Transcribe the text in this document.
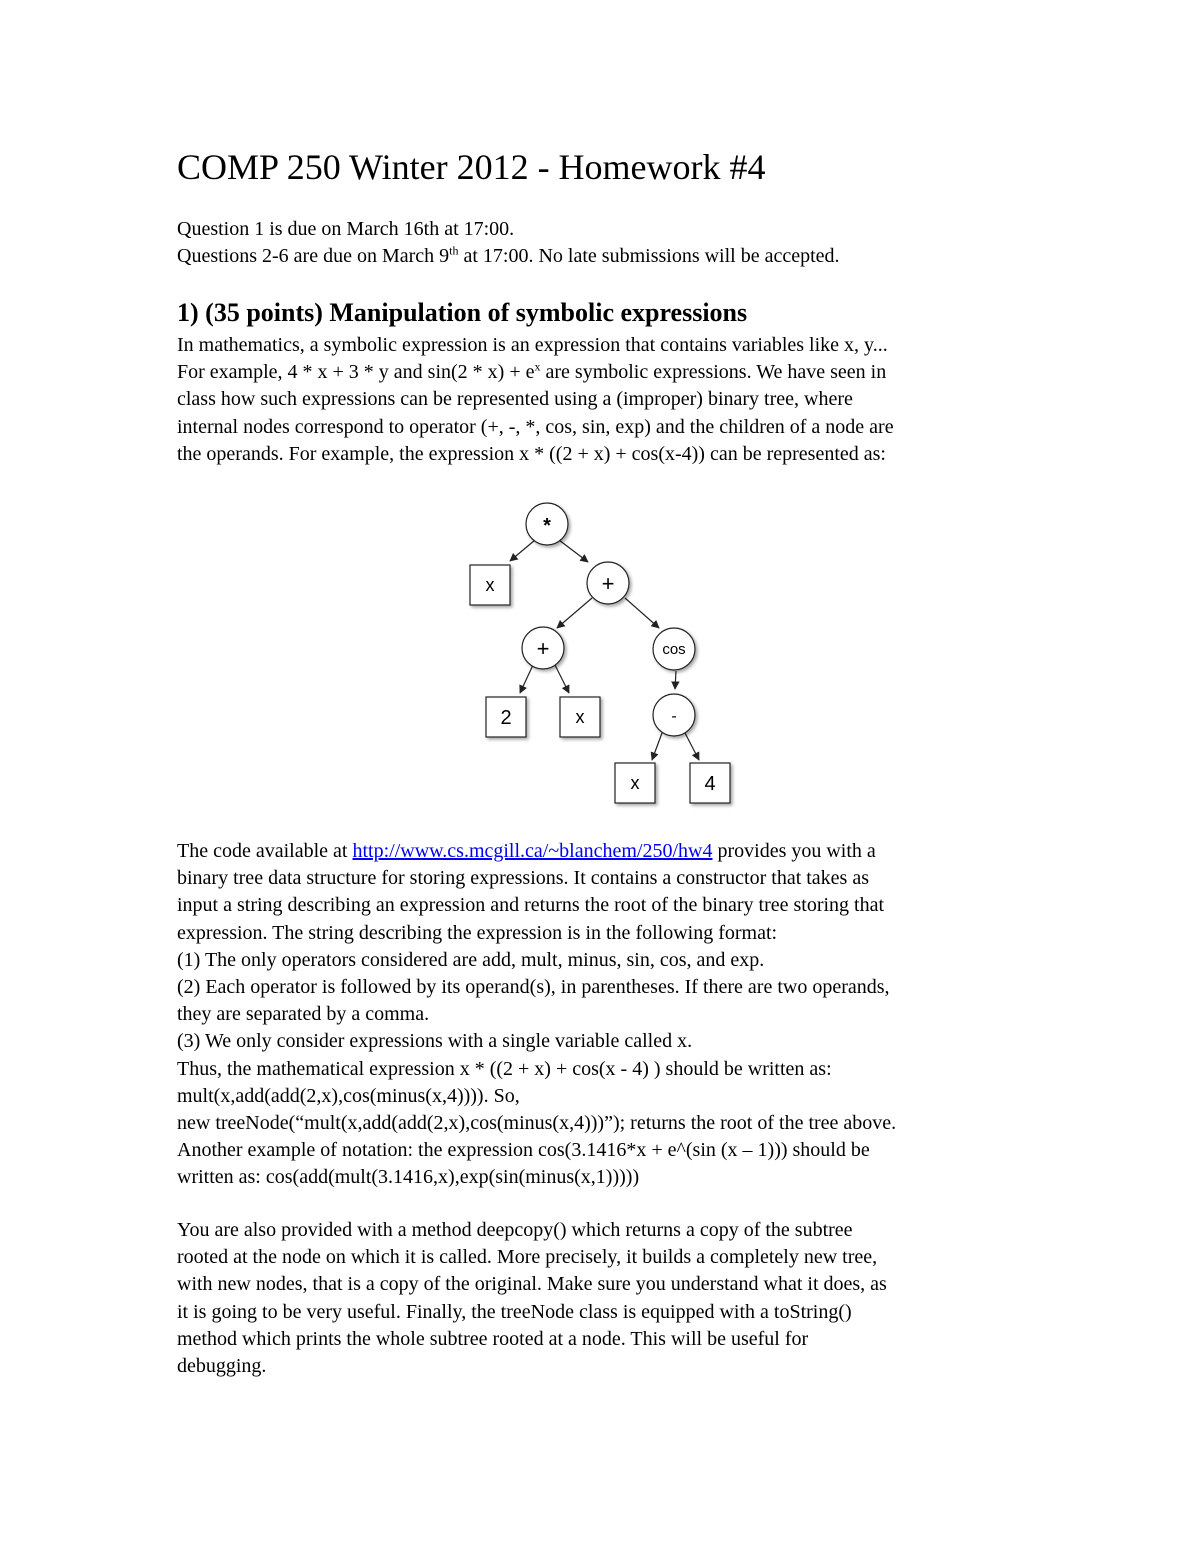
COMP 250 Winter 2012 - Homework #4
Question 1 is due on March 16th at 17:00.
Questions 2-6 are due on March 9th at 17:00. No late submissions will be accepted.
1) (35 points) Manipulation of symbolic expressions
In mathematics, a symbolic expression is an expression that contains variables like x, y...
For example, 4 * x + 3 * y and $\sin(2 * x) + e^x$ are symbolic expressions. We have seen in
class how such expressions can be represented using a (improper) binary tree, where
internal nodes correspond to operator (+, -, *, cos, sin, exp) and the children of a node are
the operands. For example, the expression x * ((2 + x) + cos(x-4)) can be represented as:
*
x	+
+	cos
2	x	-
x	4
The code available at http://www.cs.mcgill.ca/~blanchem/250/hw4 provides you with a
binary tree data structure for storing expressions. It contains a constructor that takes as
input a string describing an expression and returns the root of the binary tree storing that
expression. The string describing the expression is in the following format:
(1) The only operators considered are add, mult, minus, sin, cos, and exp.
(2) Each operator is followed by its operand(s), in parentheses. If there are two operands,
they are separated by a comma.
(3) We only consider expressions with a single variable called x.
Thus, the mathematical expression x * ((2 + x) + cos(x - 4) ) should be written as:
mult(x,add(add(2,x),cos(minus(x,4)))). So,
new treeNode(“mult(x,add(add(2,x),cos(minus(x,4)))”); returns the root of the tree above.
Another example of notation: the expression cos(3.1416*x + e^(sin (x – 1))) should be
written as: cos(add(mult(3.1416,x),exp(sin(minus(x,1)))))
You are also provided with a method deepcopy() which returns a copy of the subtree
rooted at the node on which it is called. More precisely, it builds a completely new tree,
with new nodes, that is a copy of the original. Make sure you understand what it does, as
it is going to be very useful. Finally, the treeNode class is equipped with a toString()
method which prints the whole subtree rooted at a node. This will be useful for
debugging.
